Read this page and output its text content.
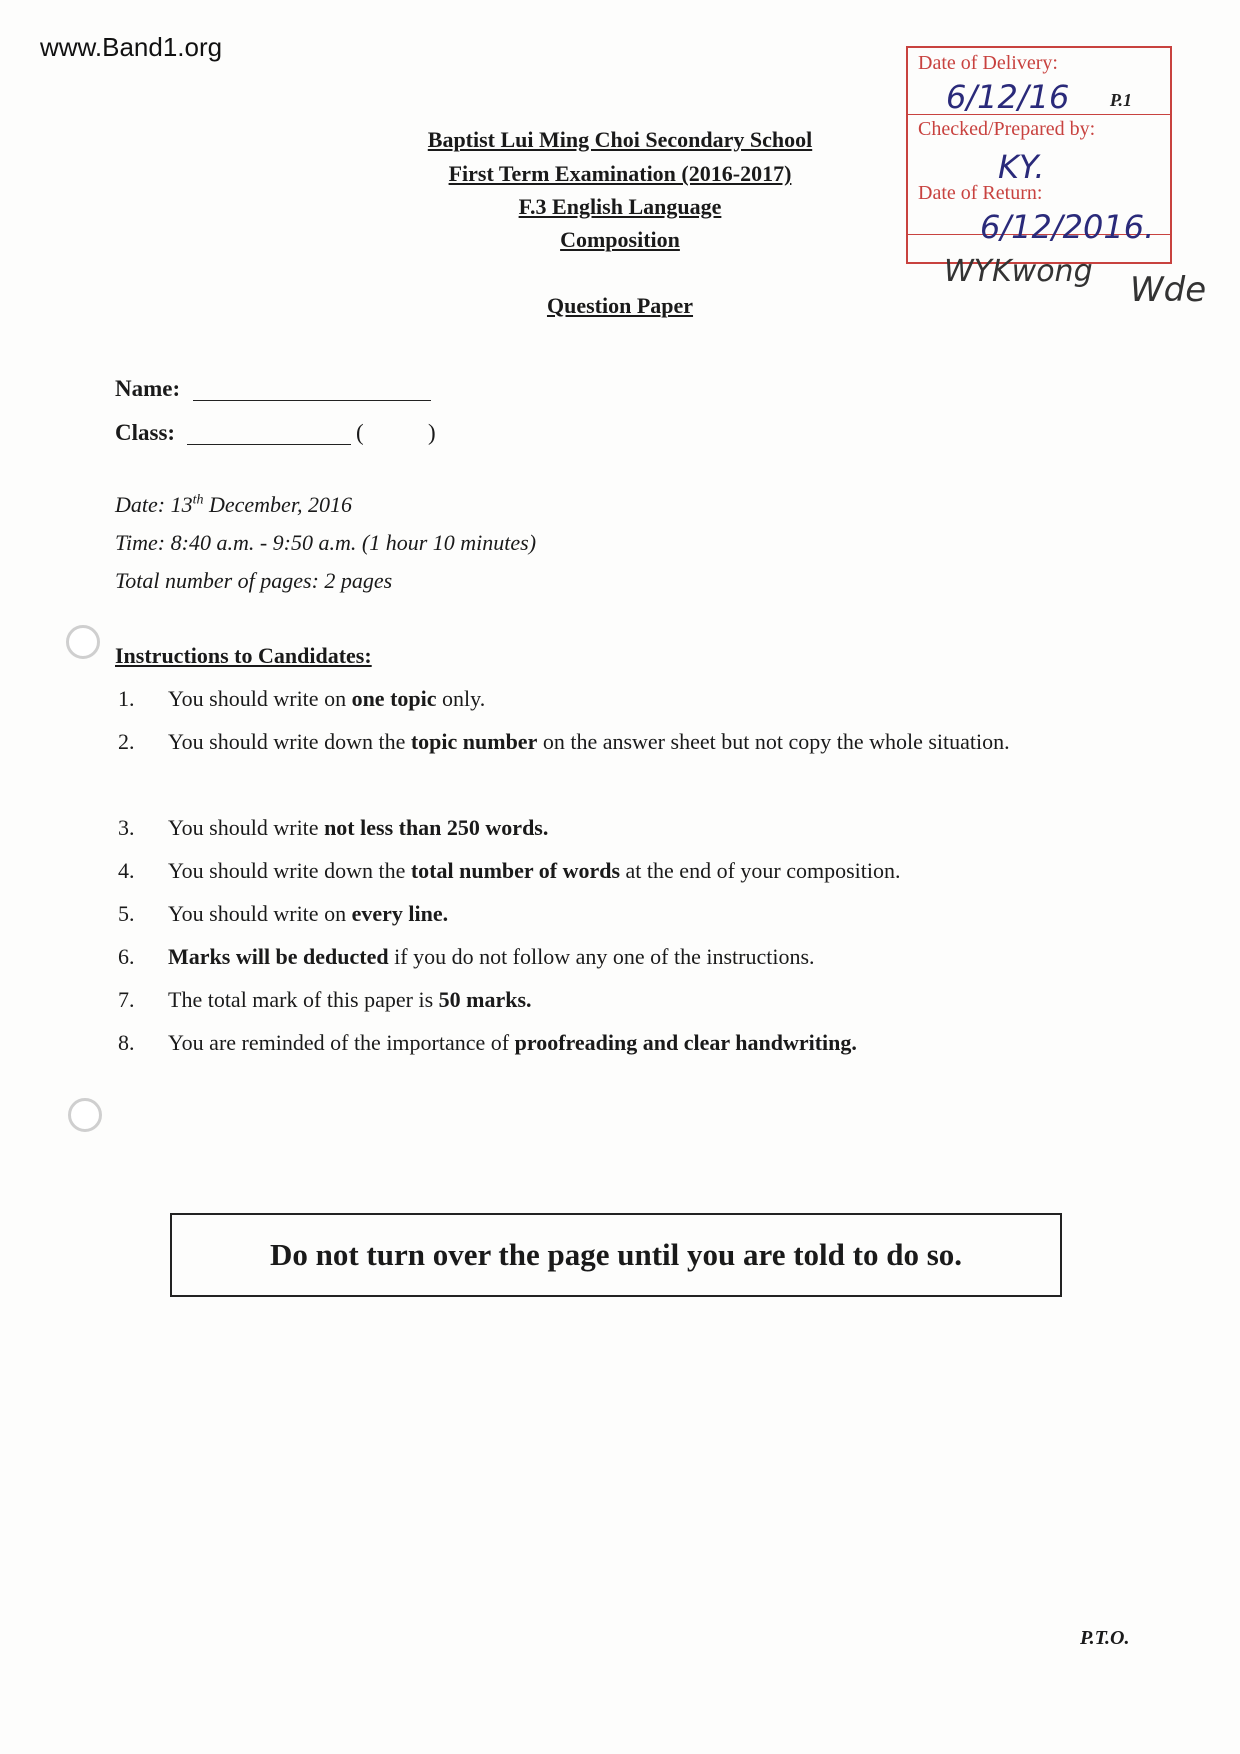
www.Band1.org
Date of Delivery:
6/12/16 P.1
Checked/Prepared by:
KY.
Date of Return:
6/12/2016.
WYKwong Wde
Baptist Lui Ming Choi Secondary School
First Term Examination (2016-2017)
F.3 English Language
Composition
Question Paper
Name:
Class:	(	)
Date: 13th December, 2016
Time: 8:40 a.m. - 9:50 a.m. (1 hour 10 minutes)
Total number of pages: 2 pages
Instructions to Candidates:
1. You should write on one topic only.
2. You should write down the topic number on the answer sheet but not copy the whole situation.
3. You should write not less than 250 words.
4. You should write down the total number of words at the end of your composition.
5. You should write on every line.
6. Marks will be deducted if you do not follow any one of the instructions.
7. The total mark of this paper is 50 marks.
8. You are reminded of the importance of proofreading and clear handwriting.
Do not turn over the page until you are told to do so.
P.T.O.
